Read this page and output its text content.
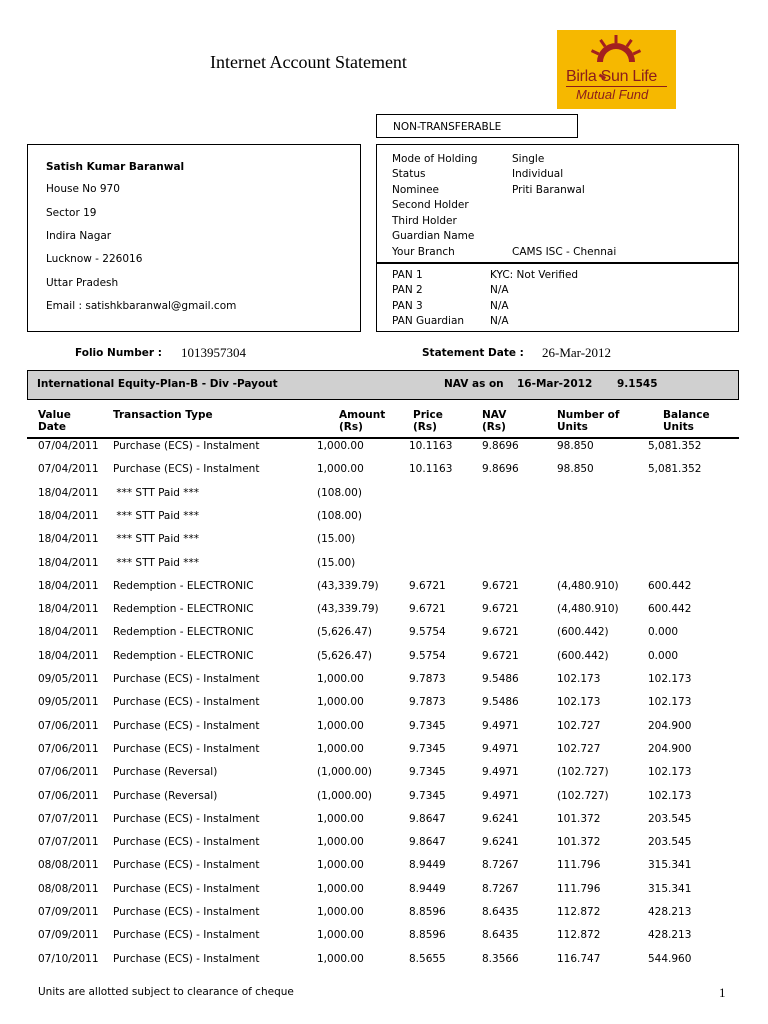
Internet Account Statement
Birla Sun Life
Mutual Fund
NON-TRANSFERABLE
Satish Kumar Baranwal
House No 970
Sector 19
Indira Nagar
Lucknow - 226016
Uttar Pradesh
Email : satishkbaranwal@gmail.com
Mode of Holding	Single
Status	Individual
Nominee	Priti Baranwal
Second Holder
Third Holder
Guardian Name
Your Branch	CAMS ISC - Chennai
PAN 1	KYC: Not Verified
PAN 2	N/A
PAN 3	N/A
PAN Guardian N/A
Folio Number : 1013957304	Statement Date : 26-Mar-2012
International Equity-Plan-B - Div -Payout	NAV as on 16-Mar-2012 9.1545
Value
Date
Transaction Type	Amount
(Rs)
Price
(Rs)
NAV
(Rs)
Number of
Units
Balance
Units
07/04/2011 Purchase (ECS) - Instalment	1,000.00	10.1163	9.8696	98.850	5,081.352
07/04/2011 Purchase (ECS) - Instalment	1,000.00	10.1163	9.8696	98.850	5,081.352
18/04/2011 *** STT Paid ***	(108.00)
18/04/2011 *** STT Paid ***	(108.00)
18/04/2011 *** STT Paid ***	(15.00)
18/04/2011 *** STT Paid ***	(15.00)
18/04/2011 Redemption - ELECTRONIC	(43,339.79)	9.6721	9.6721	(4,480.910)	600.442
18/04/2011 Redemption - ELECTRONIC	(43,339.79)	9.6721	9.6721	(4,480.910)	600.442
18/04/2011 Redemption - ELECTRONIC	(5,626.47)	9.5754	9.6721	(600.442)	0.000
18/04/2011 Redemption - ELECTRONIC	(5,626.47)	9.5754	9.6721	(600.442)	0.000
09/05/2011 Purchase (ECS) - Instalment	1,000.00	9.7873	9.5486	102.173	102.173
09/05/2011 Purchase (ECS) - Instalment	1,000.00	9.7873	9.5486	102.173	102.173
07/06/2011 Purchase (ECS) - Instalment	1,000.00	9.7345	9.4971	102.727	204.900
07/06/2011 Purchase (ECS) - Instalment	1,000.00	9.7345	9.4971	102.727	204.900
07/06/2011 Purchase (Reversal)	(1,000.00)	9.7345	9.4971	(102.727)	102.173
07/06/2011 Purchase (Reversal)	(1,000.00)	9.7345	9.4971	(102.727)	102.173
07/07/2011 Purchase (ECS) - Instalment	1,000.00	9.8647	9.6241	101.372	203.545
07/07/2011 Purchase (ECS) - Instalment	1,000.00	9.8647	9.6241	101.372	203.545
08/08/2011 Purchase (ECS) - Instalment	1,000.00	8.9449	8.7267	111.796	315.341
08/08/2011 Purchase (ECS) - Instalment	1,000.00	8.9449	8.7267	111.796	315.341
07/09/2011 Purchase (ECS) - Instalment	1,000.00	8.8596	8.6435	112.872	428.213
07/09/2011 Purchase (ECS) - Instalment	1,000.00	8.8596	8.6435	112.872	428.213
07/10/2011 Purchase (ECS) - Instalment	1,000.00	8.5655	8.3566	116.747	544.960
Units are allotted subject to clearance of cheque	1
